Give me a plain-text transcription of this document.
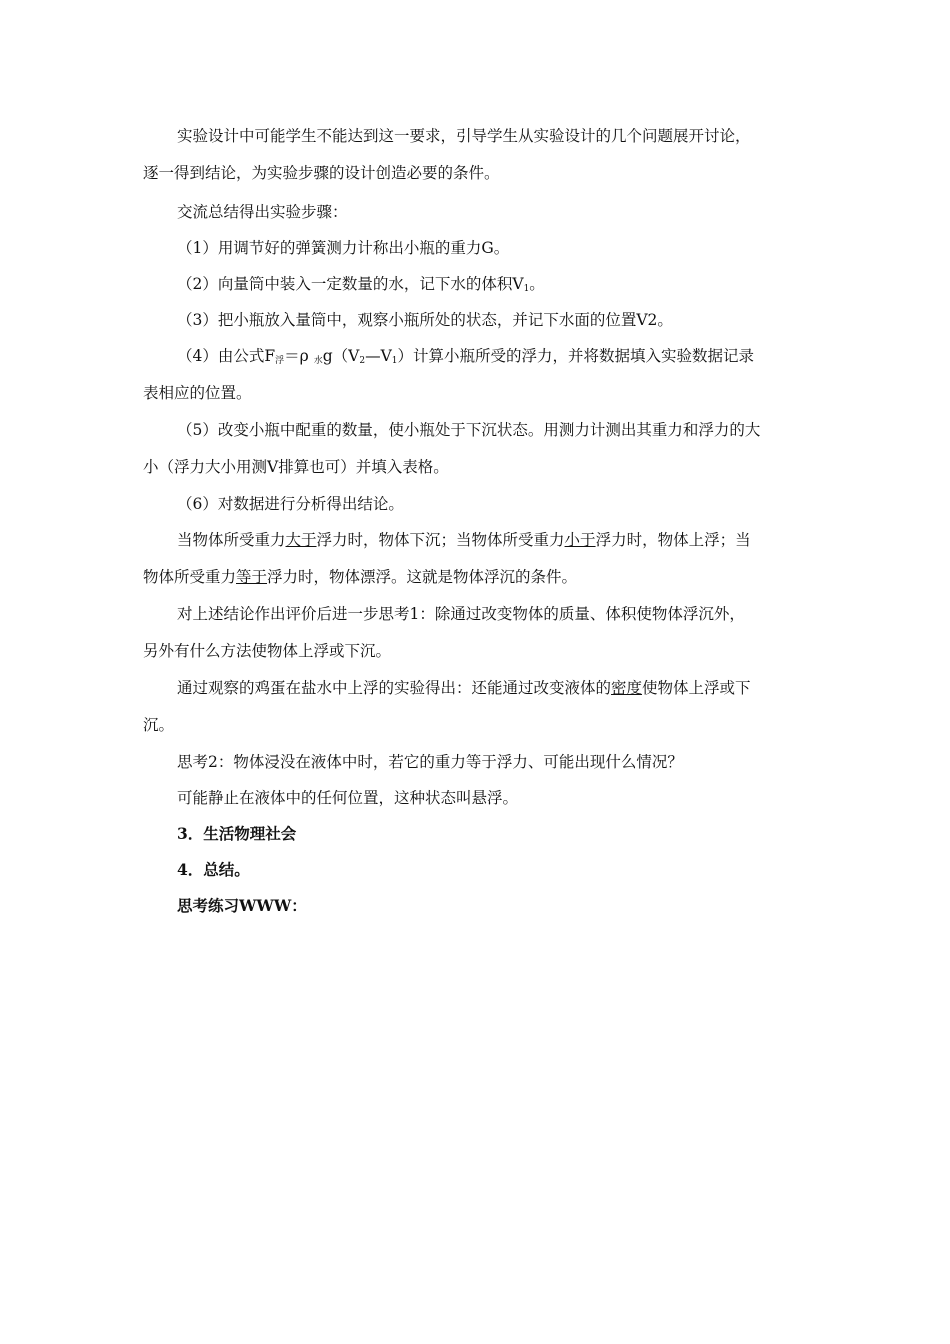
实验设计中可能学生不能达到这一要求，引导学生从实验设计的几个问题展开讨论，

逐一得到结论，为实验步骤的设计创造必要的条件。

交流总结得出实验步骤：

（1）用调节好的弹簧测力计称出小瓶的重力G。

（2）向量筒中装入一定数量的水，记下水的体积$V_1$。

（3）把小瓶放入量筒中，观察小瓶所处的状态，并记下水面的位置V2。

（4）由公式$F_浮=\rho$ $_水g(V_2—V_1)$计算小瓶所受的浮力，并将数据填入实验数据记录

表相应的位置。

（5）改变小瓶中配重的数量，使小瓶处于下沉状态。用测力计测出其重力和浮力的大

小（浮力大小用测V排算也可）并填入表格。

（6）对数据进行分析得出结论。

当物体所受重力大于浮力时，物体下沉；当物体所受重力小于浮力时，物体上浮；当

物体所受重力等于浮力时，物体漂浮。这就是物体浮沉的条件。

对上述结论作出评价后进一步思考1：除通过改变物体的质量、体积使物体浮沉外，

另外有什么方法使物体上浮或下沉。

通过观察的鸡蛋在盐水中上浮的实验得出：还能通过改变液体的密度使物体上浮或下

沉。

思考2：物体浸没在液体中时，若它的重力等于浮力、可能出现什么情况？

可能静止在液体中的任何位置，这种状态叫悬浮。

3．生活物理社会

4．总结。

思考练习WWW：
